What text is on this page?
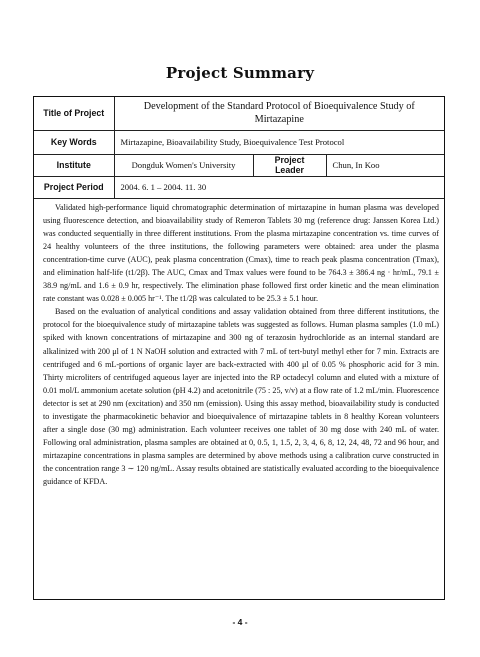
Project Summary
Title of Project	Development of the Standard Protocol of Bioequivalence Study of Mirtazapine		
Key Words	Mirtazapine, Bioavailability Study, Bioequivalence Test Protocol		
Institute	Dongduk Women's University	Project Leader	Chun, In Koo
Project Period	2004. 6. 1 – 2004. 11. 30		

Validated high-performance liquid chromatographic determination of mirtazapine in human plasma was developed using fluorescence detection, and bioavailability study of Remeron Tablets 30 mg (reference drug: Janssen Korea Ltd.) was conducted sequentially in three different institutions. From the plasma mirtazapine concentration vs. time curves of 24 healthy volunteers of the three institutions, the following parameters were obtained: area under the plasma concentration-time curve (AUC), peak plasma concentration (Cmax), time to reach peak plasma concentration (Tmax), and elimination half-life (t1/2β). The AUC, Cmax and Tmax values were found to be 764.3 ± 386.4 ng · hr/mL, 79.1 ± 38.9 ng/mL and 1.6 ± 0.9 hr, respectively. The elimination phase followed first order kinetic and the mean elimination rate constant was 0.028 ± 0.005 hr⁻¹. The t1/2β was calculated to be 25.3 ± 5.1 hour.

Based on the evaluation of analytical conditions and assay validation obtained from three different institutions, the protocol for the bioequivalence study of mirtazapine tablets was suggested as follows. Human plasma samples (1.0 mL) spiked with known concentrations of mirtazapine and 300 ng of terazosin hydrochloride as an internal standard are alkalinized with 200 μl of 1 N NaOH solution and extracted with 7 mL of tert-butyl methyl ether for 7 min. Extracts are centrifuged and 6 mL-portions of organic layer are back-extracted with 400 μl of 0.05 % phosphoric acid for 3 min. Thirty microliters of centrifuged aqueous layer are injected into the RP octadecyl column and eluted with a mixture of 0.01 mol/L ammonium acetate solution (pH 4.2) and acetonitrile (75 : 25, v/v) at a flow rate of 1.2 mL/min. Fluorescence detector is set at 290 nm (excitation) and 350 nm (emission). Using this assay method, bioavailability study is conducted to investigate the pharmacokinetic behavior and bioequivalence of mirtazapine tablets in 8 healthy Korean volunteers after a single dose (30 mg) administration. Each volunteer receives one tablet of 30 mg dose with 240 mL of water. Following oral administration, plasma samples are obtained at 0, 0.5, 1, 1.5, 2, 3, 4, 6, 8, 12, 24, 48, 72 and 96 hour, and mirtazapine concentrations in plasma samples are determined by above methods using a calibration curve constructed in the concentration range 3 ∼ 120 ng/mL. Assay results obtained are statistically evaluated according to the bioequivalence guidance of KFDA.

- 4 -
